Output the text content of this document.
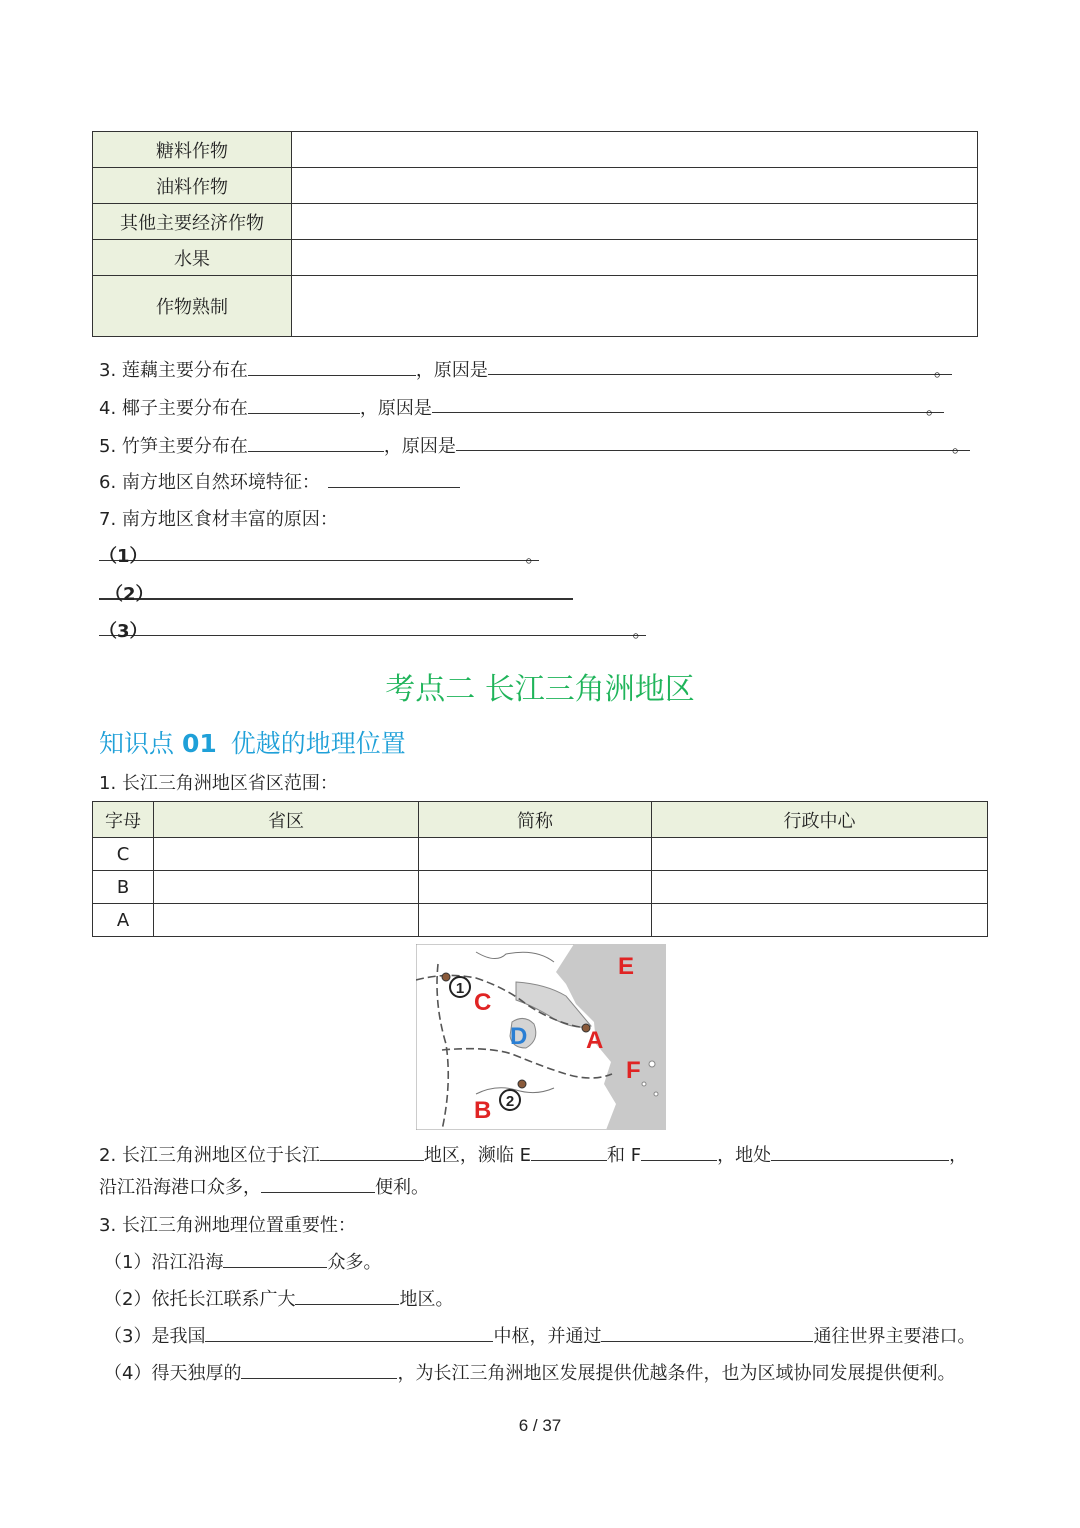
糖料作物	
油料作物	
其他主要经济作物	
水果	
作物熟制	
3. 莲藕主要分布在	，原因是	。
4. 椰子主要分布在	，原因是	。
5. 竹笋主要分布在	，原因是	。
6. 南方地区自然环境特征：
7. 南方地区食材丰富的原因：
（1）	。
（2）
（3）	。
考点二 长江三角洲地区
知识点 01 优越的地理位置
1. 长江三角洲地区省区范围：
字母	省区	简称	行政中心
C			
B			
A			
1
2
C
D A
E
F
B
2. 长江三角洲地区位于长江	地区，濒临 E	和 F	，地处	，
沿江沿海港口众多，	便利。
3. 长江三角洲地理位置重要性：
（1）沿江沿海	众多。
（2）依托长江联系广大	地区。
（3）是我国	中枢，并通过	通往世界主要港口。
（4）得天独厚的	，为长江三角洲地区发展提供优越条件，也为区域协同发展提供便利。
6 / 37
